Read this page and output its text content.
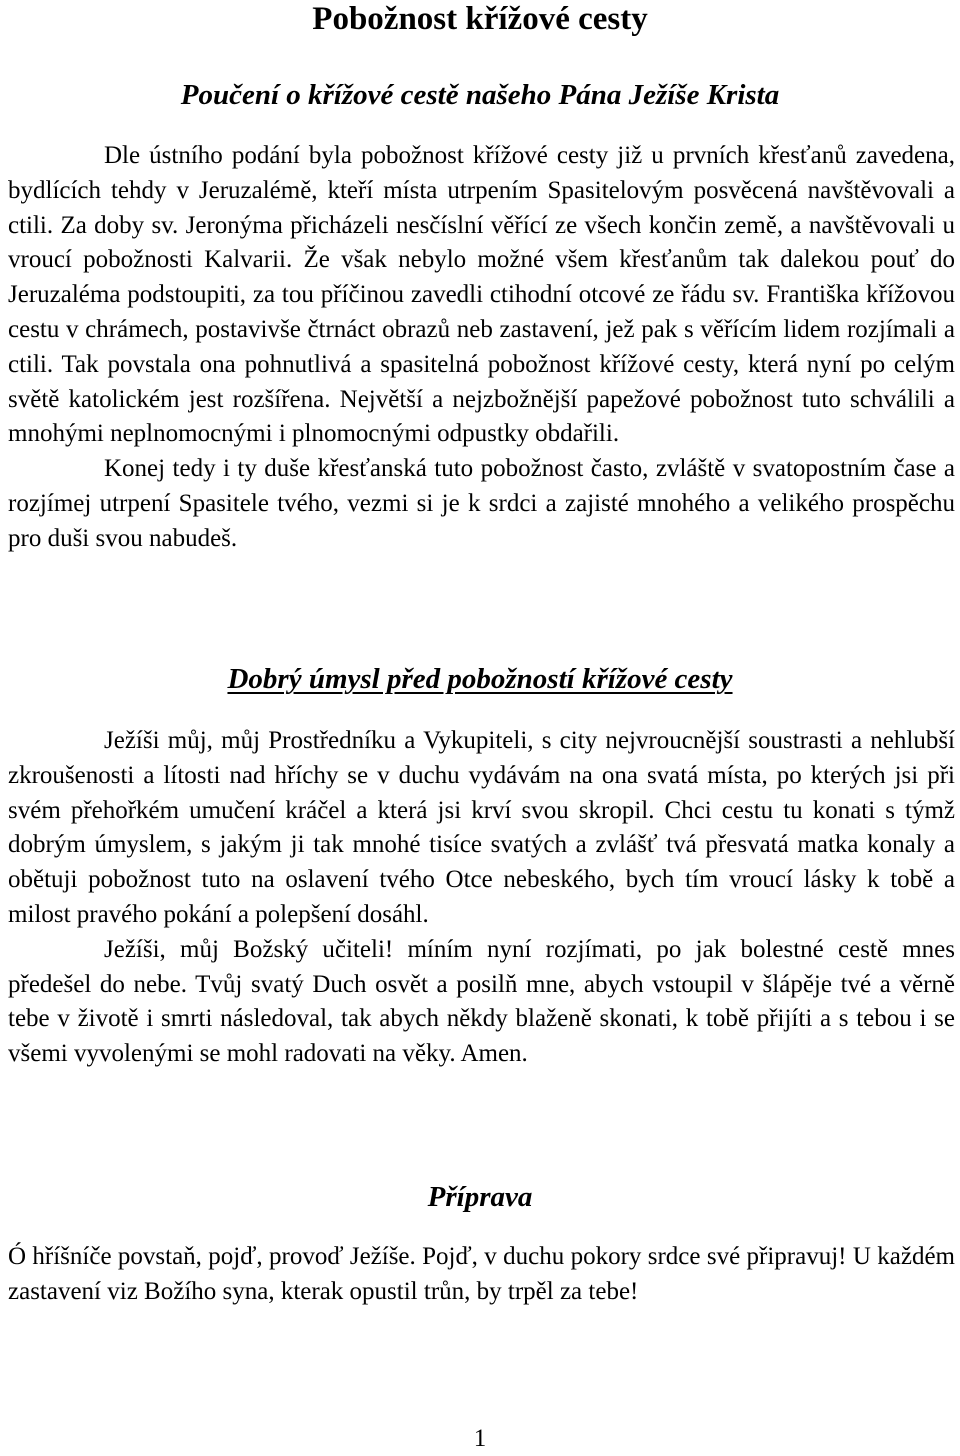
Pobožnost křížové cesty
Poučení o křížové cestě našeho Pána Ježíše Krista

Dle ústního podání byla pobožnost křížové cesty již u prvních křesťanů zavedena, bydlících tehdy v Jeruzalémě, kteří místa utrpením Spasitelovým posvěcená navštěvovali a ctili. Za doby sv. Jeronýma přicházeli nesčíslní věřící ze všech končin země, a navštěvovali u vroucí pobožnosti Kalvarii. Že však nebylo možné všem křesťanům tak dalekou pouť do Jeruzaléma podstoupiti, za tou příčinou zavedli ctihodní otcové ze řádu sv. Františka křížovou cestu v chrámech, postavivše čtrnáct obrazů neb zastavení, jež pak s věřícím lidem rozjímali a ctili. Tak povstala ona pohnutlivá a spasitelná pobožnost křížové cesty, která nyní po celým světě katolickém jest rozšířena. Největší a nejzbožnější papežové pobožnost tuto schválili a mnohými neplnomocnými i plnomocnými odpustky obdařili.

Konej tedy i ty duše křesťanská tuto pobožnost často, zvláště v svatopostním čase a rozjímej utrpení Spasitele tvého, vezmi si je k srdci a zajisté mnohého a velikého prospěchu pro duši svou nabudeš.

Dobrý úmysl před pobožností křížové cesty

Ježíši můj, můj Prostředníku a Vykupiteli, s city nejvroucnější soustrasti a nehlubší zkroušenosti a lítosti nad hříchy se v duchu vydávám na ona svatá místa, po kterých jsi při svém přehořkém umučení kráčel a která jsi krví svou skropil. Chci cestu tu konati s týmž dobrým úmyslem, s jakým ji tak mnohé tisíce svatých a zvlášť tvá přesvatá matka konaly a obětuji pobožnost tuto na oslavení tvého Otce nebeského, bych tím vroucí lásky k tobě a milost pravého pokání a polepšení dosáhl.

Ježíši, můj Božský učiteli! míním nyní rozjímati, po jak bolestné cestě mnes předešel do nebe. Tvůj svatý Duch osvět a posilň mne, abych vstoupil v šlápěje tvé a věrně tebe v životě i smrti následoval, tak abych někdy blaženě skonati, k tobě přijíti a s tebou i se všemi vyvolenými se mohl radovati na věky. Amen.

Příprava

Ó hříšníče povstaň, pojď, provoď Ježíše. Pojď, v duchu pokory srdce své připravuj! U každém zastavení viz Božího syna, kterak opustil trůn, by trpěl za tebe!

1
